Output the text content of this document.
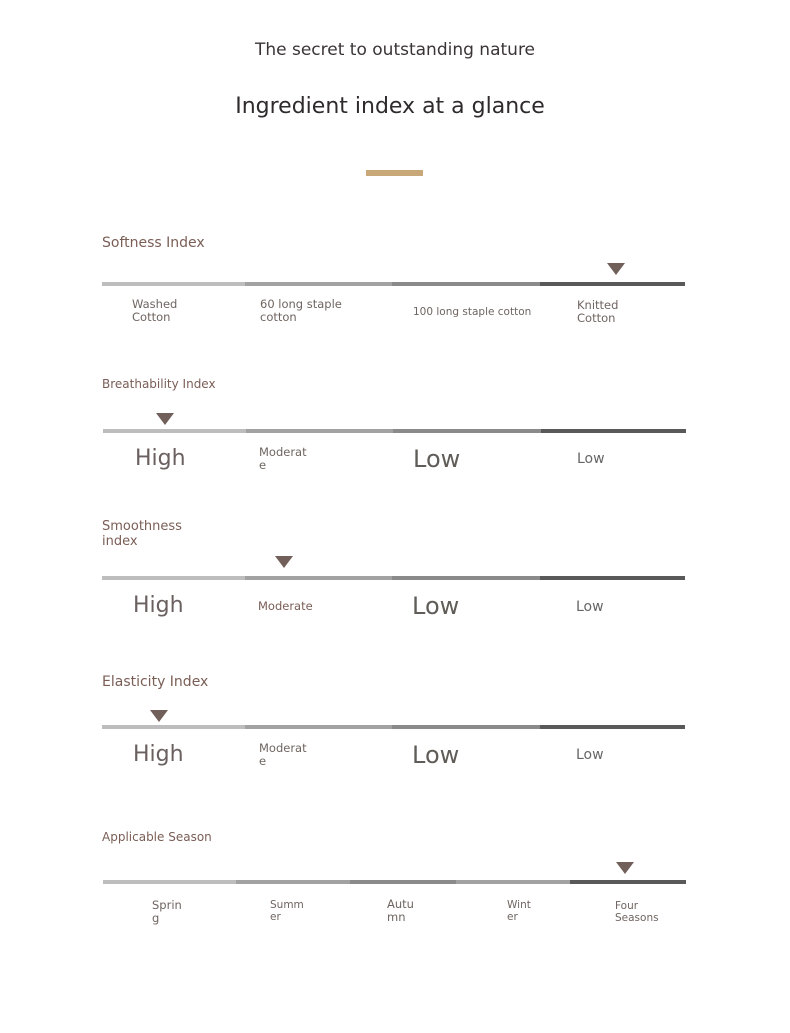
The secret to outstanding nature
Ingredient index at a glance
Softness Index
Washed
Cotton
60 long staple
cotton	100 long staple cotton	Knitted
Cotton
Breathability Index
High	Moderat
e	Low	Low
Smoothness
index
High	Moderate	Low	Low
Elasticity Index
High	Moderat
e	Low	Low
Applicable Season
Sprin
g
Summ
er
Autu
mn
Wint
er
Four
Seasons
